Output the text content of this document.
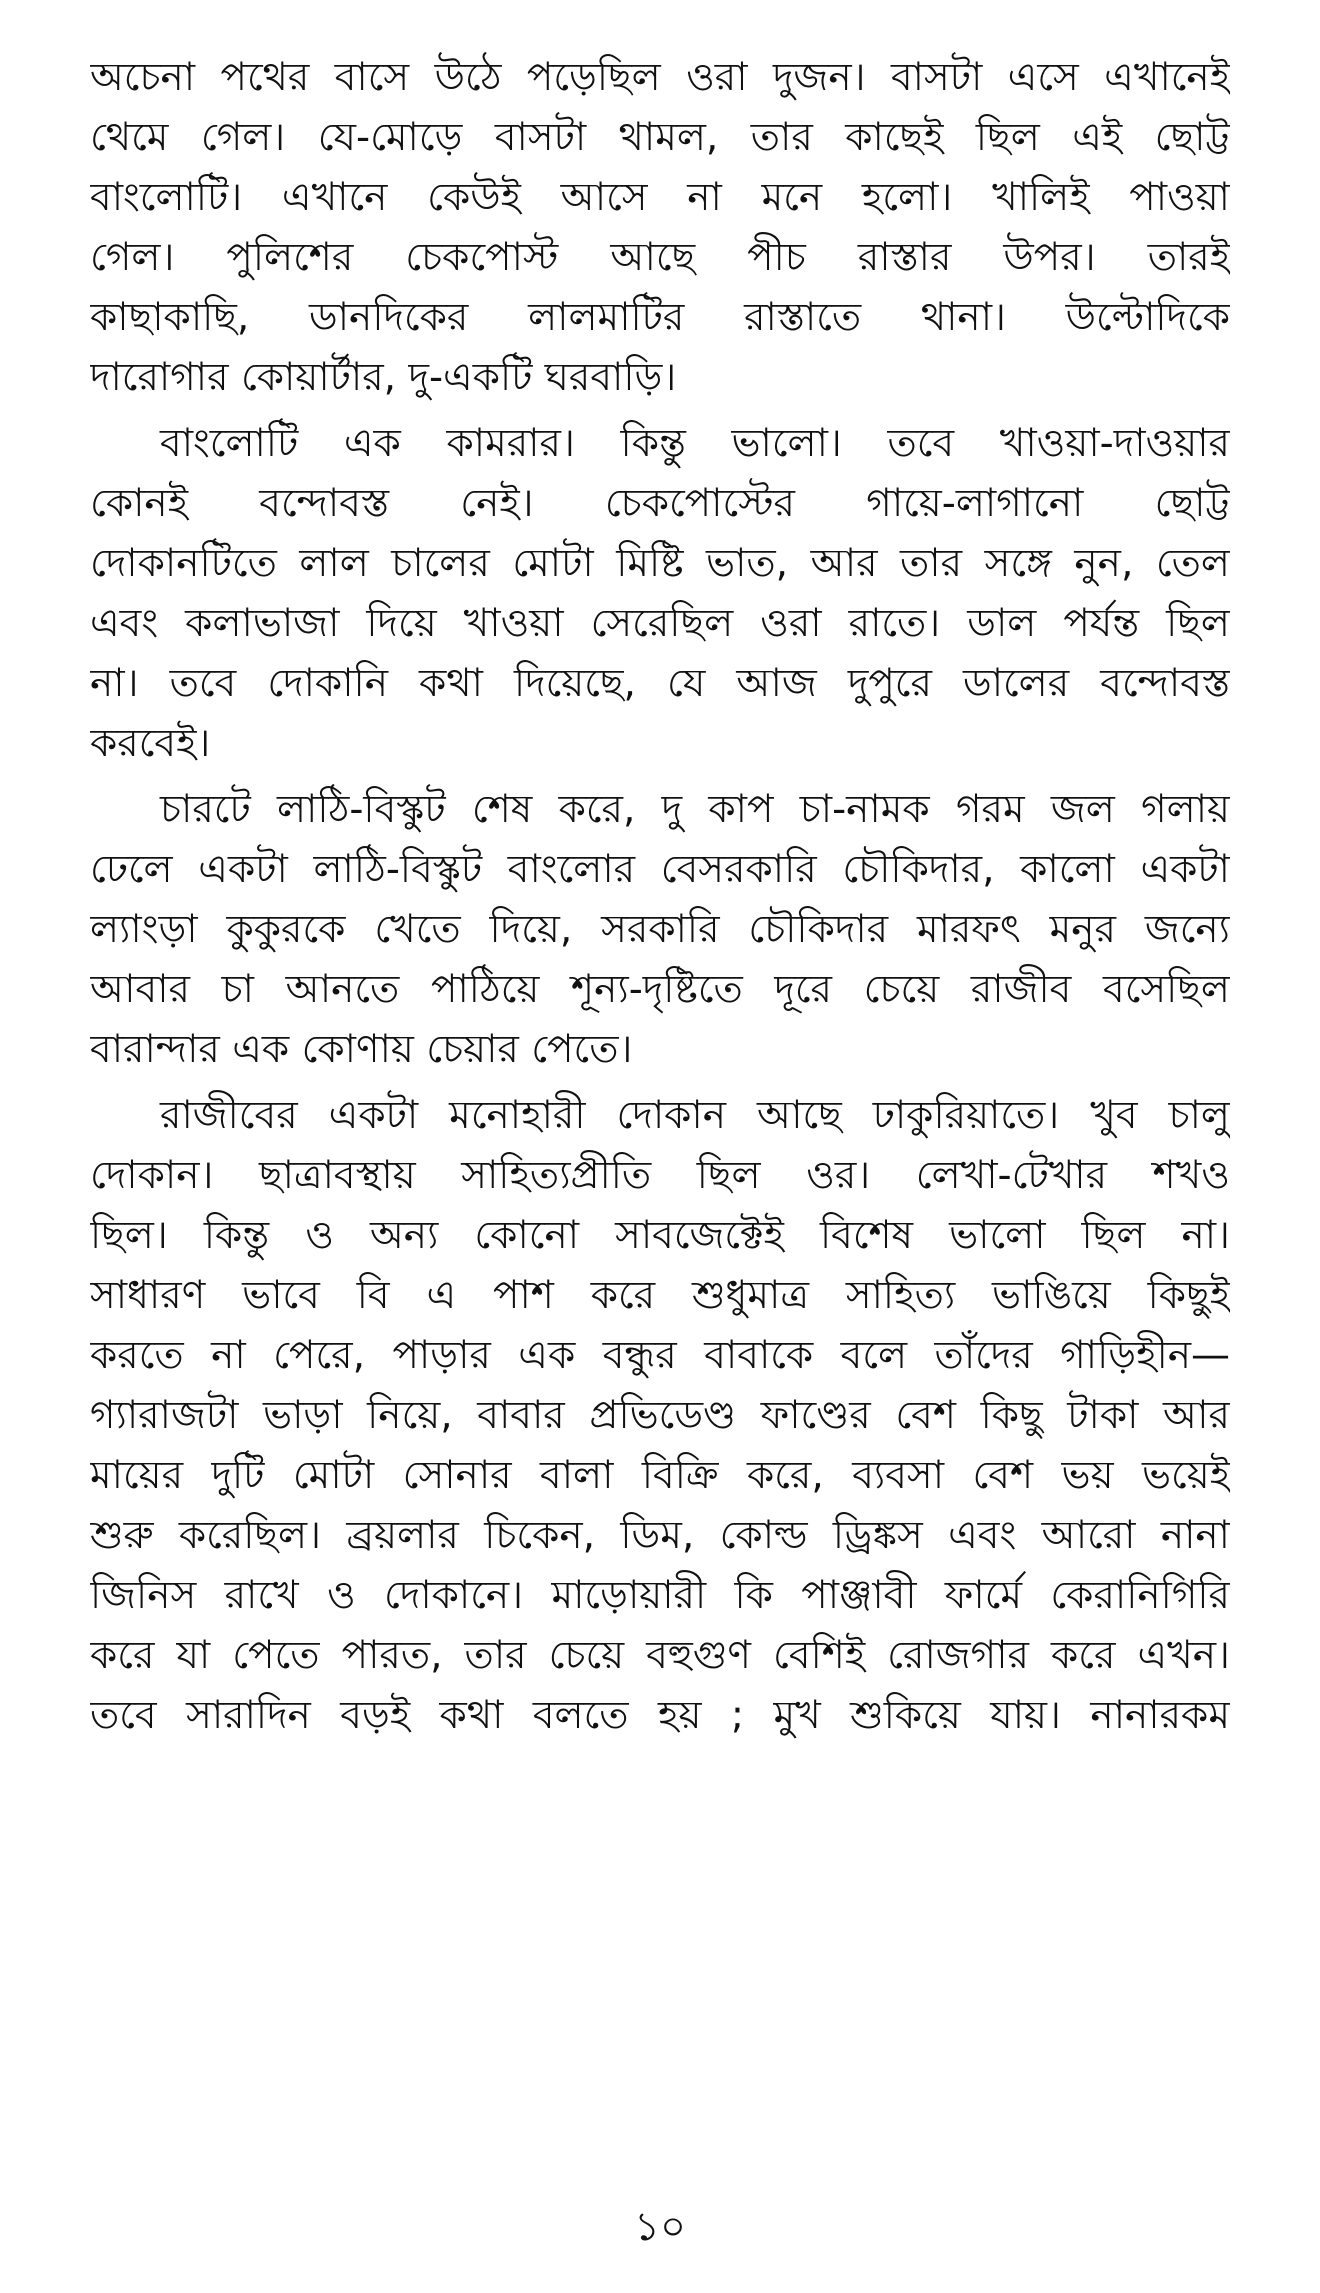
অচেনা পথের বাসে উঠে পড়েছিল ওরা দুজন। বাসটা এসে এখানেই
থেমে গেল। যে-মোড়ে বাসটা থামল, তার কাছেই ছিল এই ছোট্ট
বাংলোটি। এখানে কেউই আসে না মনে হলো। খালিই পাওয়া
গেল। পুলিশের চেকপোস্ট আছে পীচ রাস্তার উপর। তারই
কাছাকাছি, ডানদিকের লালমাটির রাস্তাতে থানা। উল্টোদিকে
দারোগার কোয়ার্টার, দু-একটি ঘরবাড়ি।
বাংলোটি এক কামরার। কিন্তু ভালো। তবে খাওয়া-দাওয়ার
কোনই বন্দোবস্ত নেই। চেকপোস্টের গায়ে-লাগানো ছোট্ট
দোকানটিতে লাল চালের মোটা মিষ্টি ভাত, আর তার সঙ্গে নুন, তেল
এবং কলাভাজা দিয়ে খাওয়া সেরেছিল ওরা রাতে। ডাল পর্যন্ত ছিল
না। তবে দোকানি কথা দিয়েছে, যে আজ দুপুরে ডালের বন্দোবস্ত
করবেই।
চারটে লাঠি-বিস্কুট শেষ করে, দু কাপ চা-নামক গরম জল গলায়
ঢেলে একটা লাঠি-বিস্কুট বাংলোর বেসরকারি চৌকিদার, কালো একটা
ল্যাংড়া কুকুরকে খেতে দিয়ে, সরকারি চৌকিদার মারফৎ মনুর জন্যে
আবার চা আনতে পাঠিয়ে শূন্য-দৃষ্টিতে দূরে চেয়ে রাজীব বসেছিল
বারান্দার এক কোণায় চেয়ার পেতে।
রাজীবের একটা মনোহারী দোকান আছে ঢাকুরিয়াতে। খুব চালু
দোকান। ছাত্রাবস্থায় সাহিত্যপ্রীতি ছিল ওর। লেখা-টেখার শখও
ছিল। কিন্তু ও অন্য কোনো সাবজেক্টেই বিশেষ ভালো ছিল না।
সাধারণ ভাবে বি এ পাশ করে শুধুমাত্র সাহিত্য ভাঙিয়ে কিছুই
করতে না পেরে, পাড়ার এক বন্ধুর বাবাকে বলে তাঁদের গাড়িহীন—
গ্যারাজটা ভাড়া নিয়ে, বাবার প্রভিডেণ্ড ফাণ্ডের বেশ কিছু টাকা আর
মায়ের দুটি মোটা সোনার বালা বিক্রি করে, ব্যবসা বেশ ভয় ভয়েই
শুরু করেছিল। ব্রয়লার চিকেন, ডিম, কোল্ড ড্রিঙ্কস এবং আরো নানা
জিনিস রাখে ও দোকানে। মাড়োয়ারী কি পাঞ্জাবী ফার্মে কেরানিগিরি
করে যা পেতে পারত, তার চেয়ে বহুগুণ বেশিই রোজগার করে এখন।
তবে সারাদিন বড়ই কথা বলতে হয় ; মুখ শুকিয়ে যায়। নানারকম
১০
